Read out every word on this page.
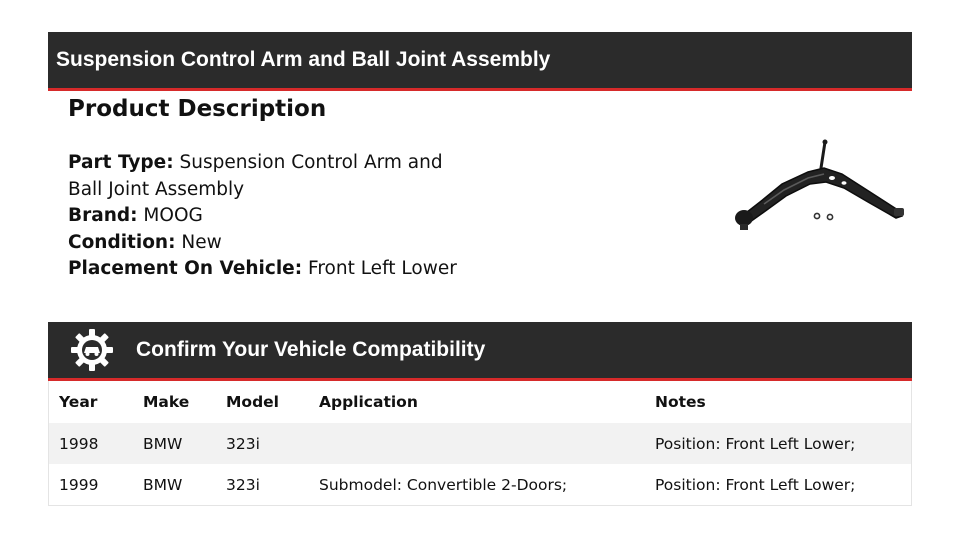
Suspension Control Arm and Ball Joint Assembly
Product Description
Part Type: Suspension Control Arm and Ball Joint Assembly
Brand: MOOG
Condition: New
Placement On Vehicle: Front Left Lower
Confirm Your Vehicle Compatibility
Year	Make	Model	Application	Notes
1998	BMW	323i		Position: Front Left Lower;
1999	BMW	323i	Submodel: Convertible 2-Doors;	Position: Front Left Lower;
